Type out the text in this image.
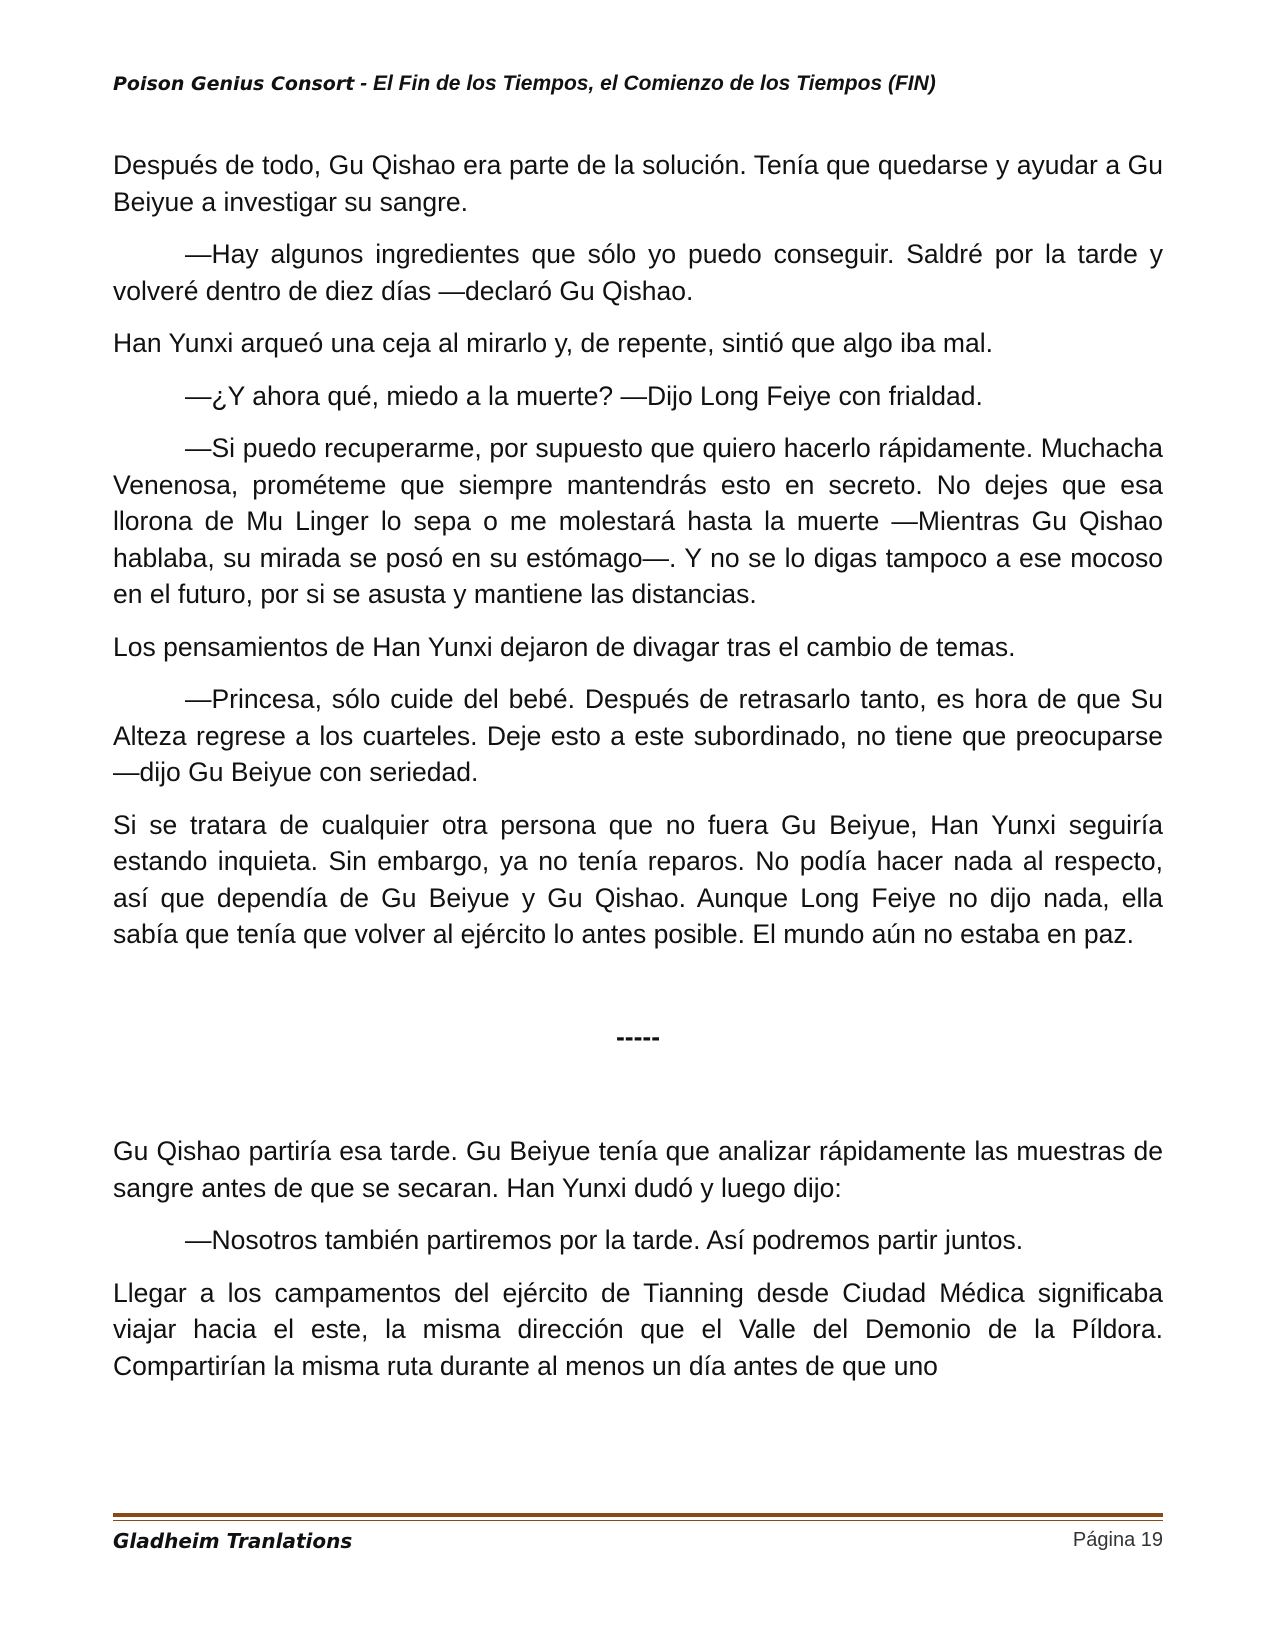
Poison Genius Consort - El Fin de los Tiempos, el Comienzo de los Tiempos (FIN)

Después de todo, Gu Qishao era parte de la solución. Tenía que quedarse y ayudar a Gu Beiyue a investigar su sangre.

—Hay algunos ingredientes que sólo yo puedo conseguir. Saldré por la tarde y volveré dentro de diez días —declaró Gu Qishao.

Han Yunxi arqueó una ceja al mirarlo y, de repente, sintió que algo iba mal.

—¿Y ahora qué, miedo a la muerte? —Dijo Long Feiye con frialdad.

—Si puedo recuperarme, por supuesto que quiero hacerlo rápidamente. Muchacha Venenosa, prométeme que siempre mantendrás esto en secreto. No dejes que esa llorona de Mu Linger lo sepa o me molestará hasta la muerte —Mientras Gu Qishao hablaba, su mirada se posó en su estómago—. Y no se lo digas tampoco a ese mocoso en el futuro, por si se asusta y mantiene las distancias.

Los pensamientos de Han Yunxi dejaron de divagar tras el cambio de temas.

—Princesa, sólo cuide del bebé. Después de retrasarlo tanto, es hora de que Su Alteza regrese a los cuarteles. Deje esto a este subordinado, no tiene que preocuparse —dijo Gu Beiyue con seriedad.

Si se tratara de cualquier otra persona que no fuera Gu Beiyue, Han Yunxi seguiría estando inquieta. Sin embargo, ya no tenía reparos. No podía hacer nada al respecto, así que dependía de Gu Beiyue y Gu Qishao. Aunque Long Feiye no dijo nada, ella sabía que tenía que volver al ejército lo antes posible. El mundo aún no estaba en paz.

-----

Gu Qishao partiría esa tarde. Gu Beiyue tenía que analizar rápidamente las muestras de sangre antes de que se secaran. Han Yunxi dudó y luego dijo:

—Nosotros también partiremos por la tarde. Así podremos partir juntos.

Llegar a los campamentos del ejército de Tianning desde Ciudad Médica significaba viajar hacia el este, la misma dirección que el Valle del Demonio de la Píldora. Compartirían la misma ruta durante al menos un día antes de que uno

Gladheim Tranlations	Página 19
